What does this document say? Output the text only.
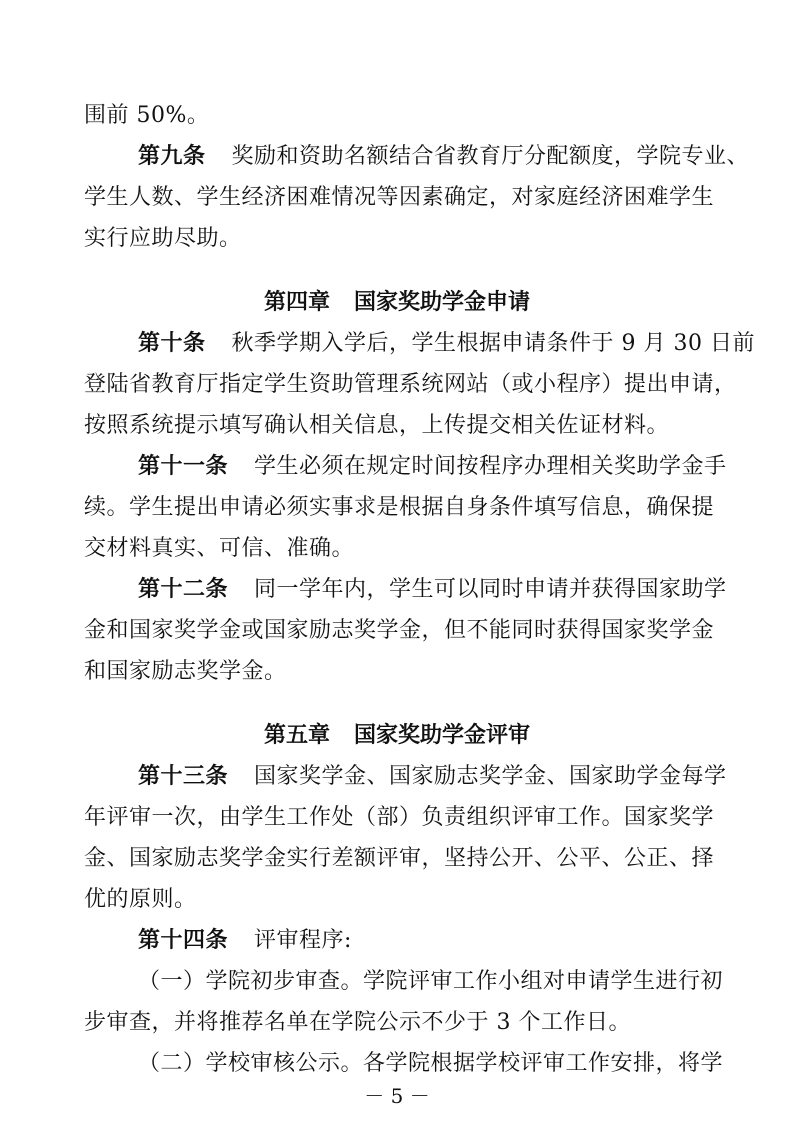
围前 50%。
第九条 奖励和资助名额结合省教育厅分配额度，学院专业、
学生人数、学生经济困难情况等因素确定，对家庭经济困难学生
实行应助尽助。
第四章 国家奖助学金申请
第十条 秋季学期入学后，学生根据申请条件于 9 月 30 日前
登陆省教育厅指定学生资助管理系统网站（或小程序）提出申请，
按照系统提示填写确认相关信息，上传提交相关佐证材料。
第十一条 学生必须在规定时间按程序办理相关奖助学金手
续。学生提出申请必须实事求是根据自身条件填写信息，确保提
交材料真实、可信、准确。
第十二条 同一学年内，学生可以同时申请并获得国家助学
金和国家奖学金或国家励志奖学金，但不能同时获得国家奖学金
和国家励志奖学金。
第五章 国家奖助学金评审
第十三条 国家奖学金、国家励志奖学金、国家助学金每学
年评审一次，由学生工作处（部）负责组织评审工作。国家奖学
金、国家励志奖学金实行差额评审，坚持公开、公平、公正、择
优的原则。
第十四条 评审程序:
（一）学院初步审查。学院评审工作小组对申请学生进行初
步审查，并将推荐名单在学院公示不少于 3 个工作日。
（二）学校审核公示。各学院根据学校评审工作安排，将学
－ 5 －
